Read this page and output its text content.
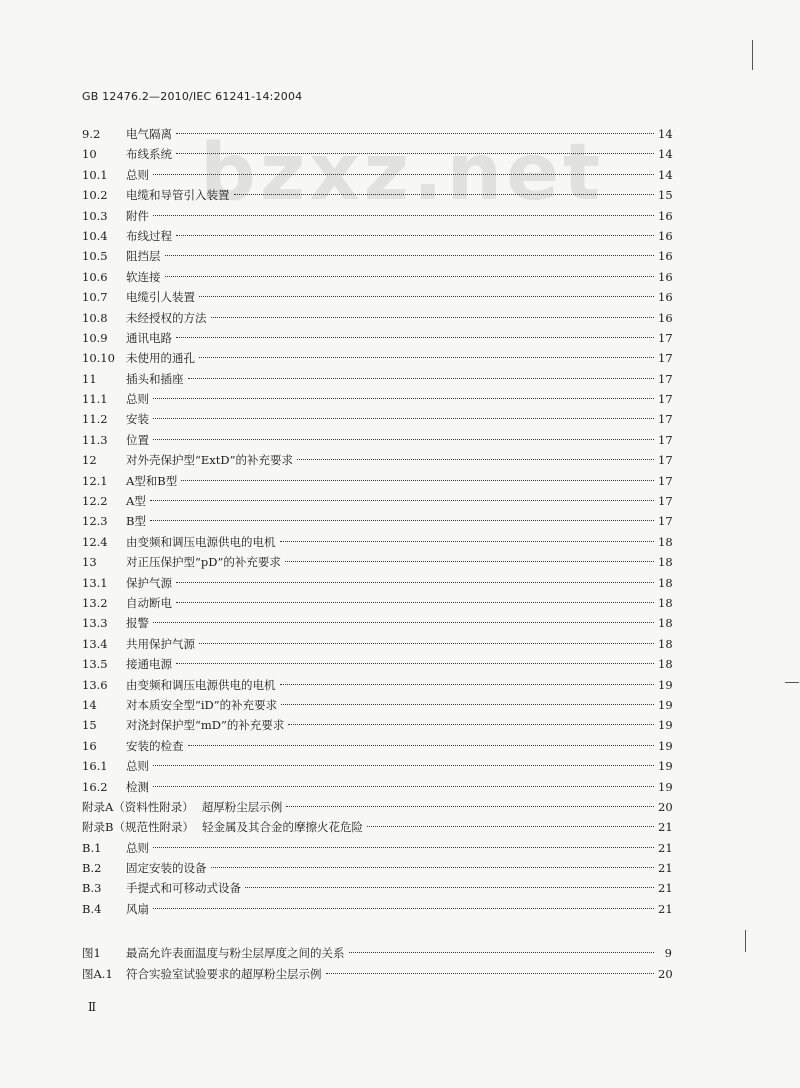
bzxz.net
GB 12476.2—2010/IEC 61241-14:2004
9.2	电气隔离	14
10	布线系统	14
10.1	总则	14
10.2	电缆和导管引入装置	15
10.3	附件	16
10.4	布线过程	16
10.5	阻挡层	16
10.6	软连接	16
10.7	电缆引人装置	16
10.8	未经授权的方法	16
10.9	通讯电路	17
10.10 未使用的通孔	17
11	插头和插座	17
11.1	总则	17
11.2	安装	17
11.3	位置	17
12	对外壳保护型“ExtD”的补充要求	17
12.1	A型和B型	17
12.2	A型	17
12.3	B型	17
12.4	由变频和调压电源供电的电机	18
13	对正压保护型“pD”的补充要求	18
13.1	保护气源	18
13.2	自动断电	18
13.3	报警	18
13.4	共用保护气源	18
13.5	接通电源	18
13.6	由变频和调压电源供电的电机	19
14	对本质安全型“iD”的补充要求	19
15	对浇封保护型“mD”的补充要求	19
16	安装的检查	19
16.1	总则	19
16.2	检测	19
附录A（资料性附录） 超厚粉尘层示例	20
附录B（规范性附录） 轻金属及其合金的摩擦火花危险	21
B.1	总则	21
B.2	固定安装的设备	21
B.3	手提式和可移动式设备	21
B.4	风扇	21
图1	最高允许表面温度与粉尘层厚度之间的关系	9
图A.1	符合实验室试验要求的超厚粉尘层示例	20
Ⅱ
